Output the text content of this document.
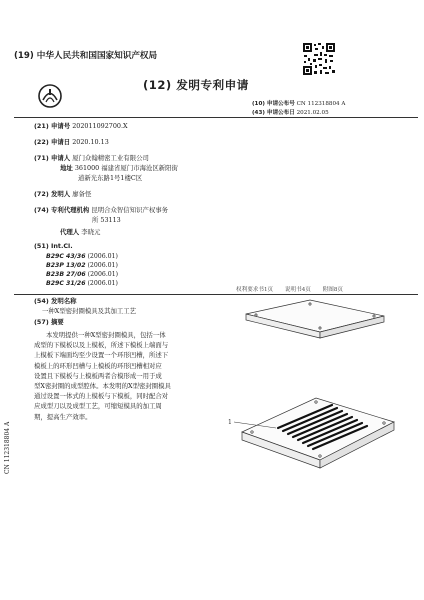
(19) 中华人民共和国国家知识产权局
(12) 发明专利申请
(10) 申请公布号 CN 112318804 A
(43) 申请公布日 2021.02.05
(21) 申请号 202011092700.X
(22) 申请日 2020.10.13
(71) 申请人 厦门众翰精密工业有限公司
地址 361000 福建省厦门市海沧区新阳街
道新光东路1号1楼C区
(72) 发明人 廖备怪
(74) 专利代理机构 昆明合众智信知识产权事务
所 53113
代理人 李晓元
(51) Int.Cl.
B29C 43/36 (2006.01)
B23P 13/02 (2006.01)
B23B 27/06 (2006.01)
B29C 31/26 (2006.01)
权利要求书1页 说明书4页 附图8页
(54) 发明名称
一种X型密封圈模具及其加工工艺
(57) 摘要

本发明提供一种X型密封圈模具，包括一体

成型的下模板以及上模板，所述下模板上端面与

上模板下端面均至少设置一个环形凹槽，所述下

模板上的环形凹槽与上模板的环形凹槽相对应

设置且下模板与上模板两者合模形成一用于成

型X密封圈的成型腔体。本发明的X型密封圈模具

通过设置一体式的上模板与下模板，同时配合对

应成型刀以及成型工艺，可缩短模具的加工周

期，提高生产效率。

1
CN 112318804 A
